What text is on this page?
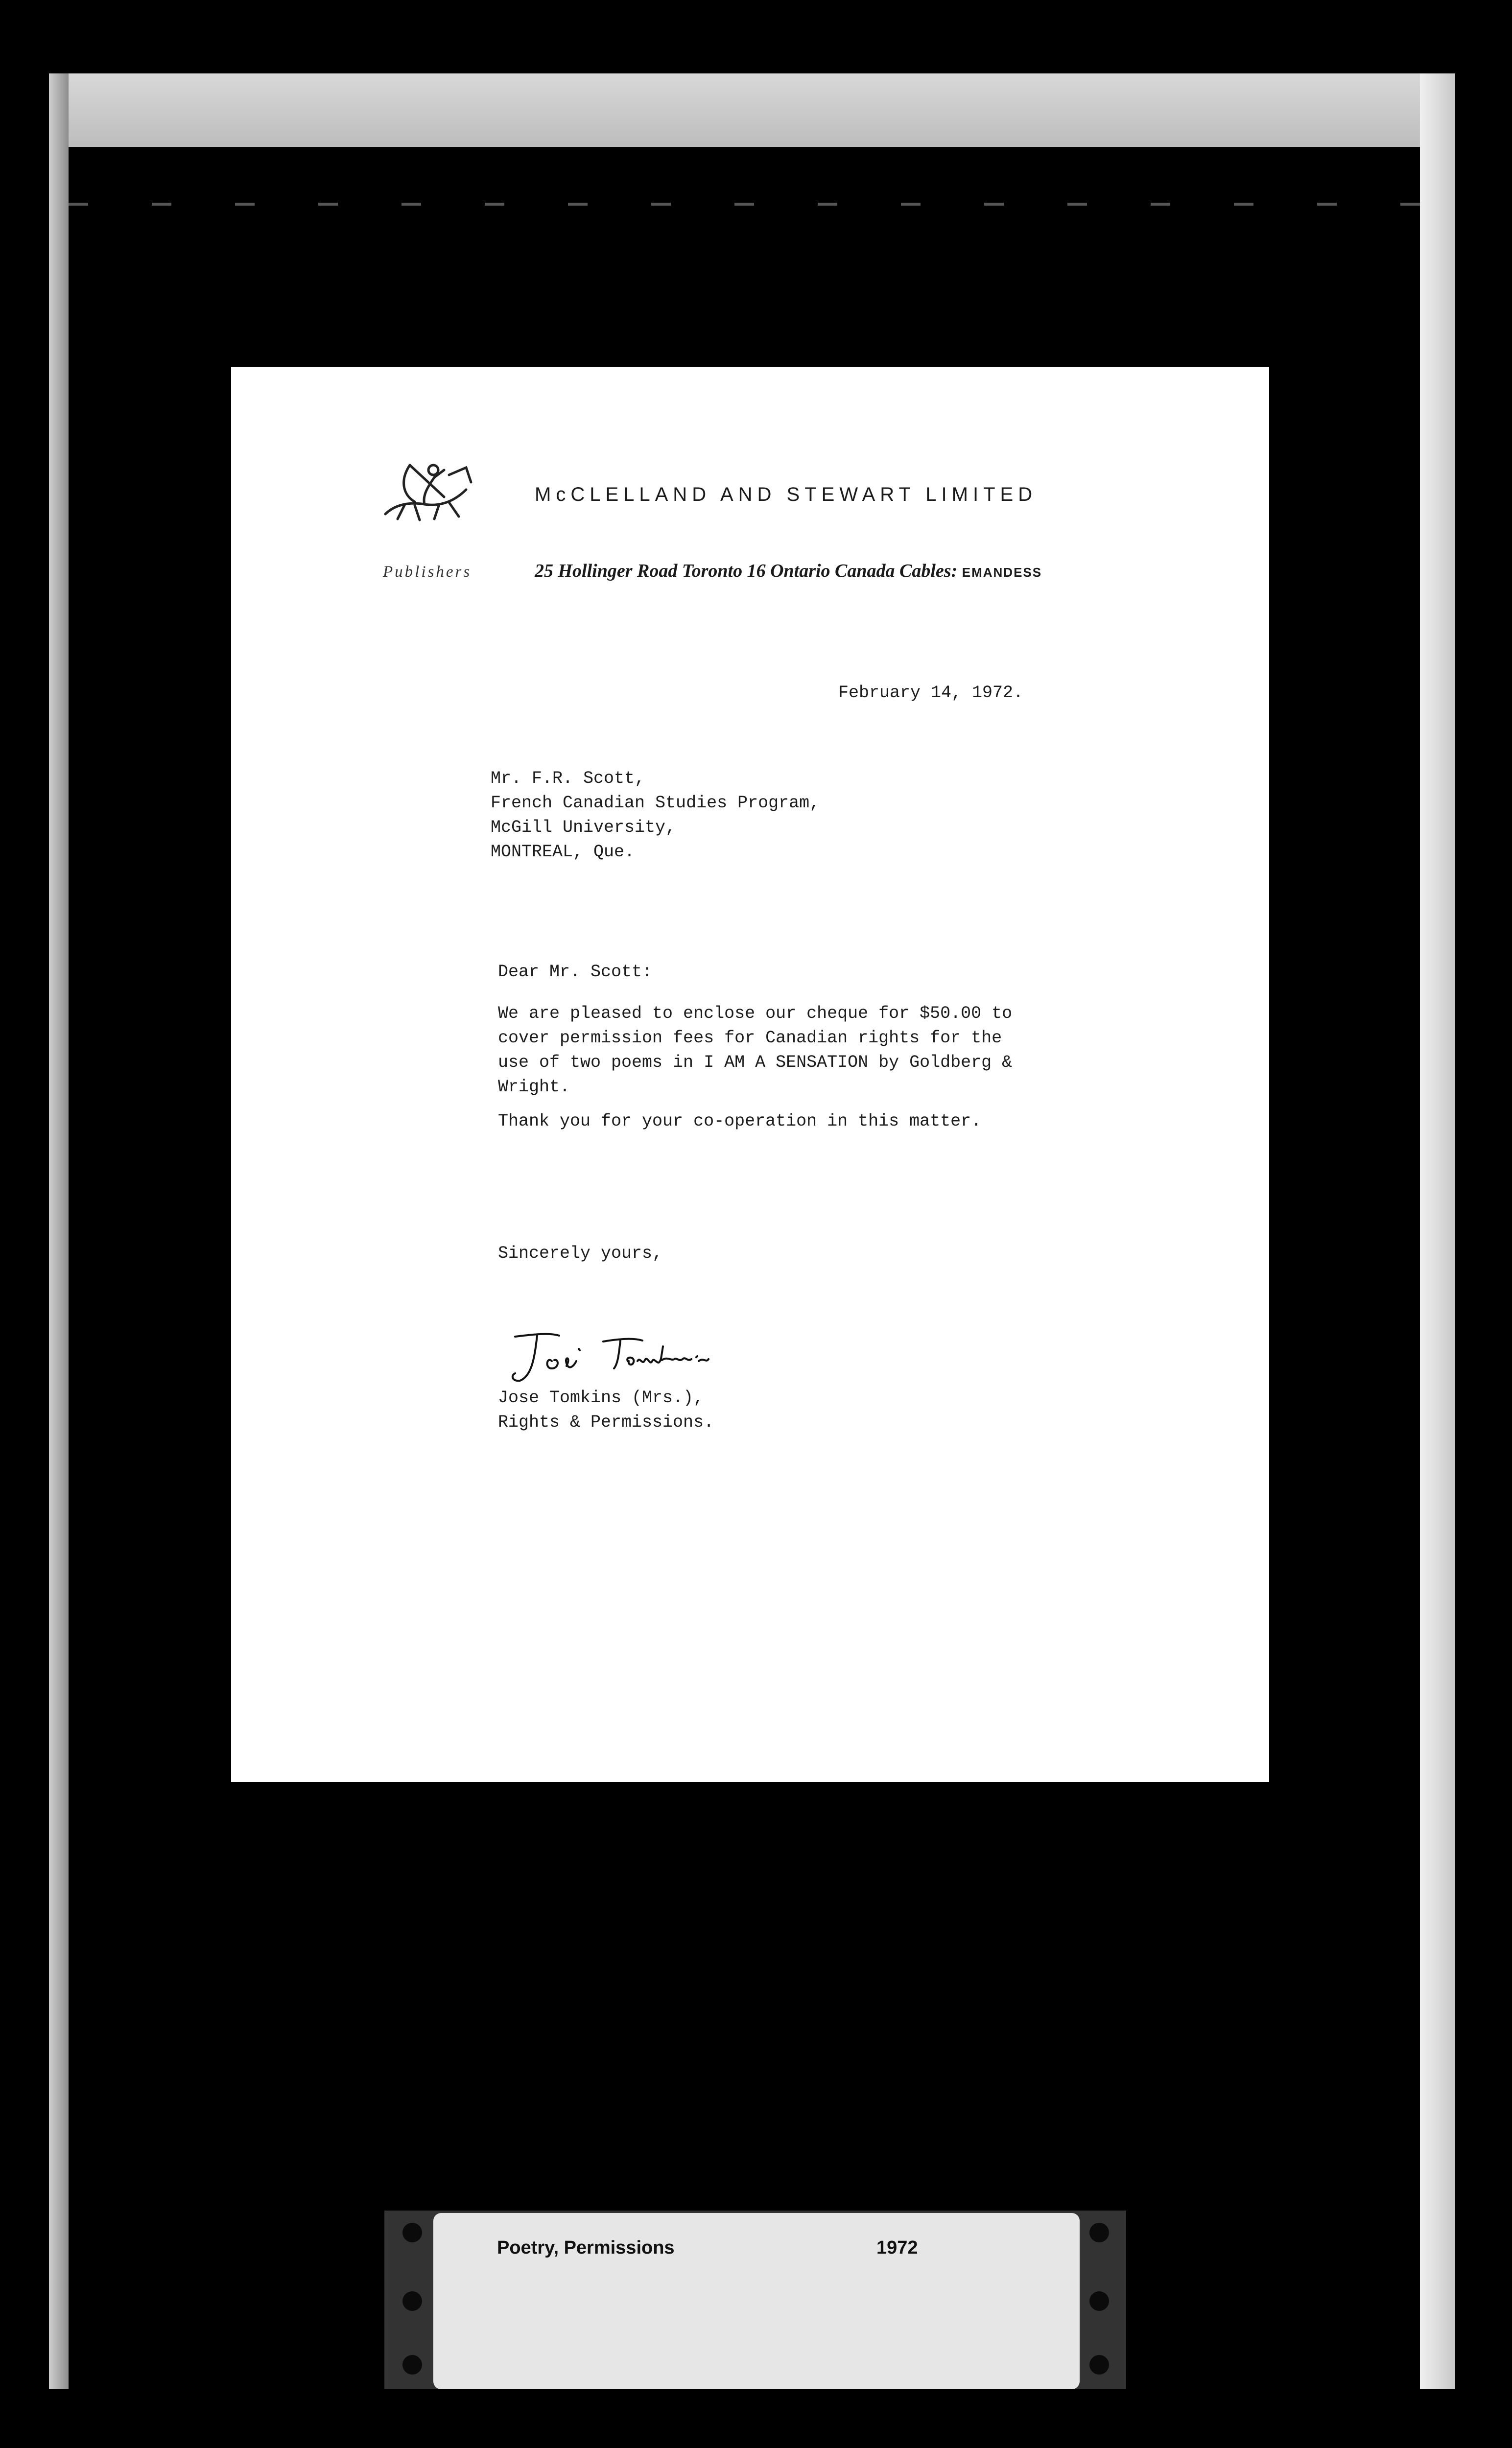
McCLELLAND AND STEWART LIMITED
Publishers	25 Hollinger Road Toronto 16 Ontario Canada Cables: EMANDESS
February 14, 1972.
Mr. F.R. Scott,
French Canadian Studies Program,
McGill University,
MONTREAL, Que.
Dear Mr. Scott:
We are pleased to enclose our cheque for $50.00 to
cover permission fees for Canadian rights for the
use of two poems in I AM A SENSATION by Goldberg &
Wright.
Thank you for your co-operation in this matter.
Sincerely yours,
Jose Tomkins (Mrs.),
Rights & Permissions.
Poetry, Permissions	1972
